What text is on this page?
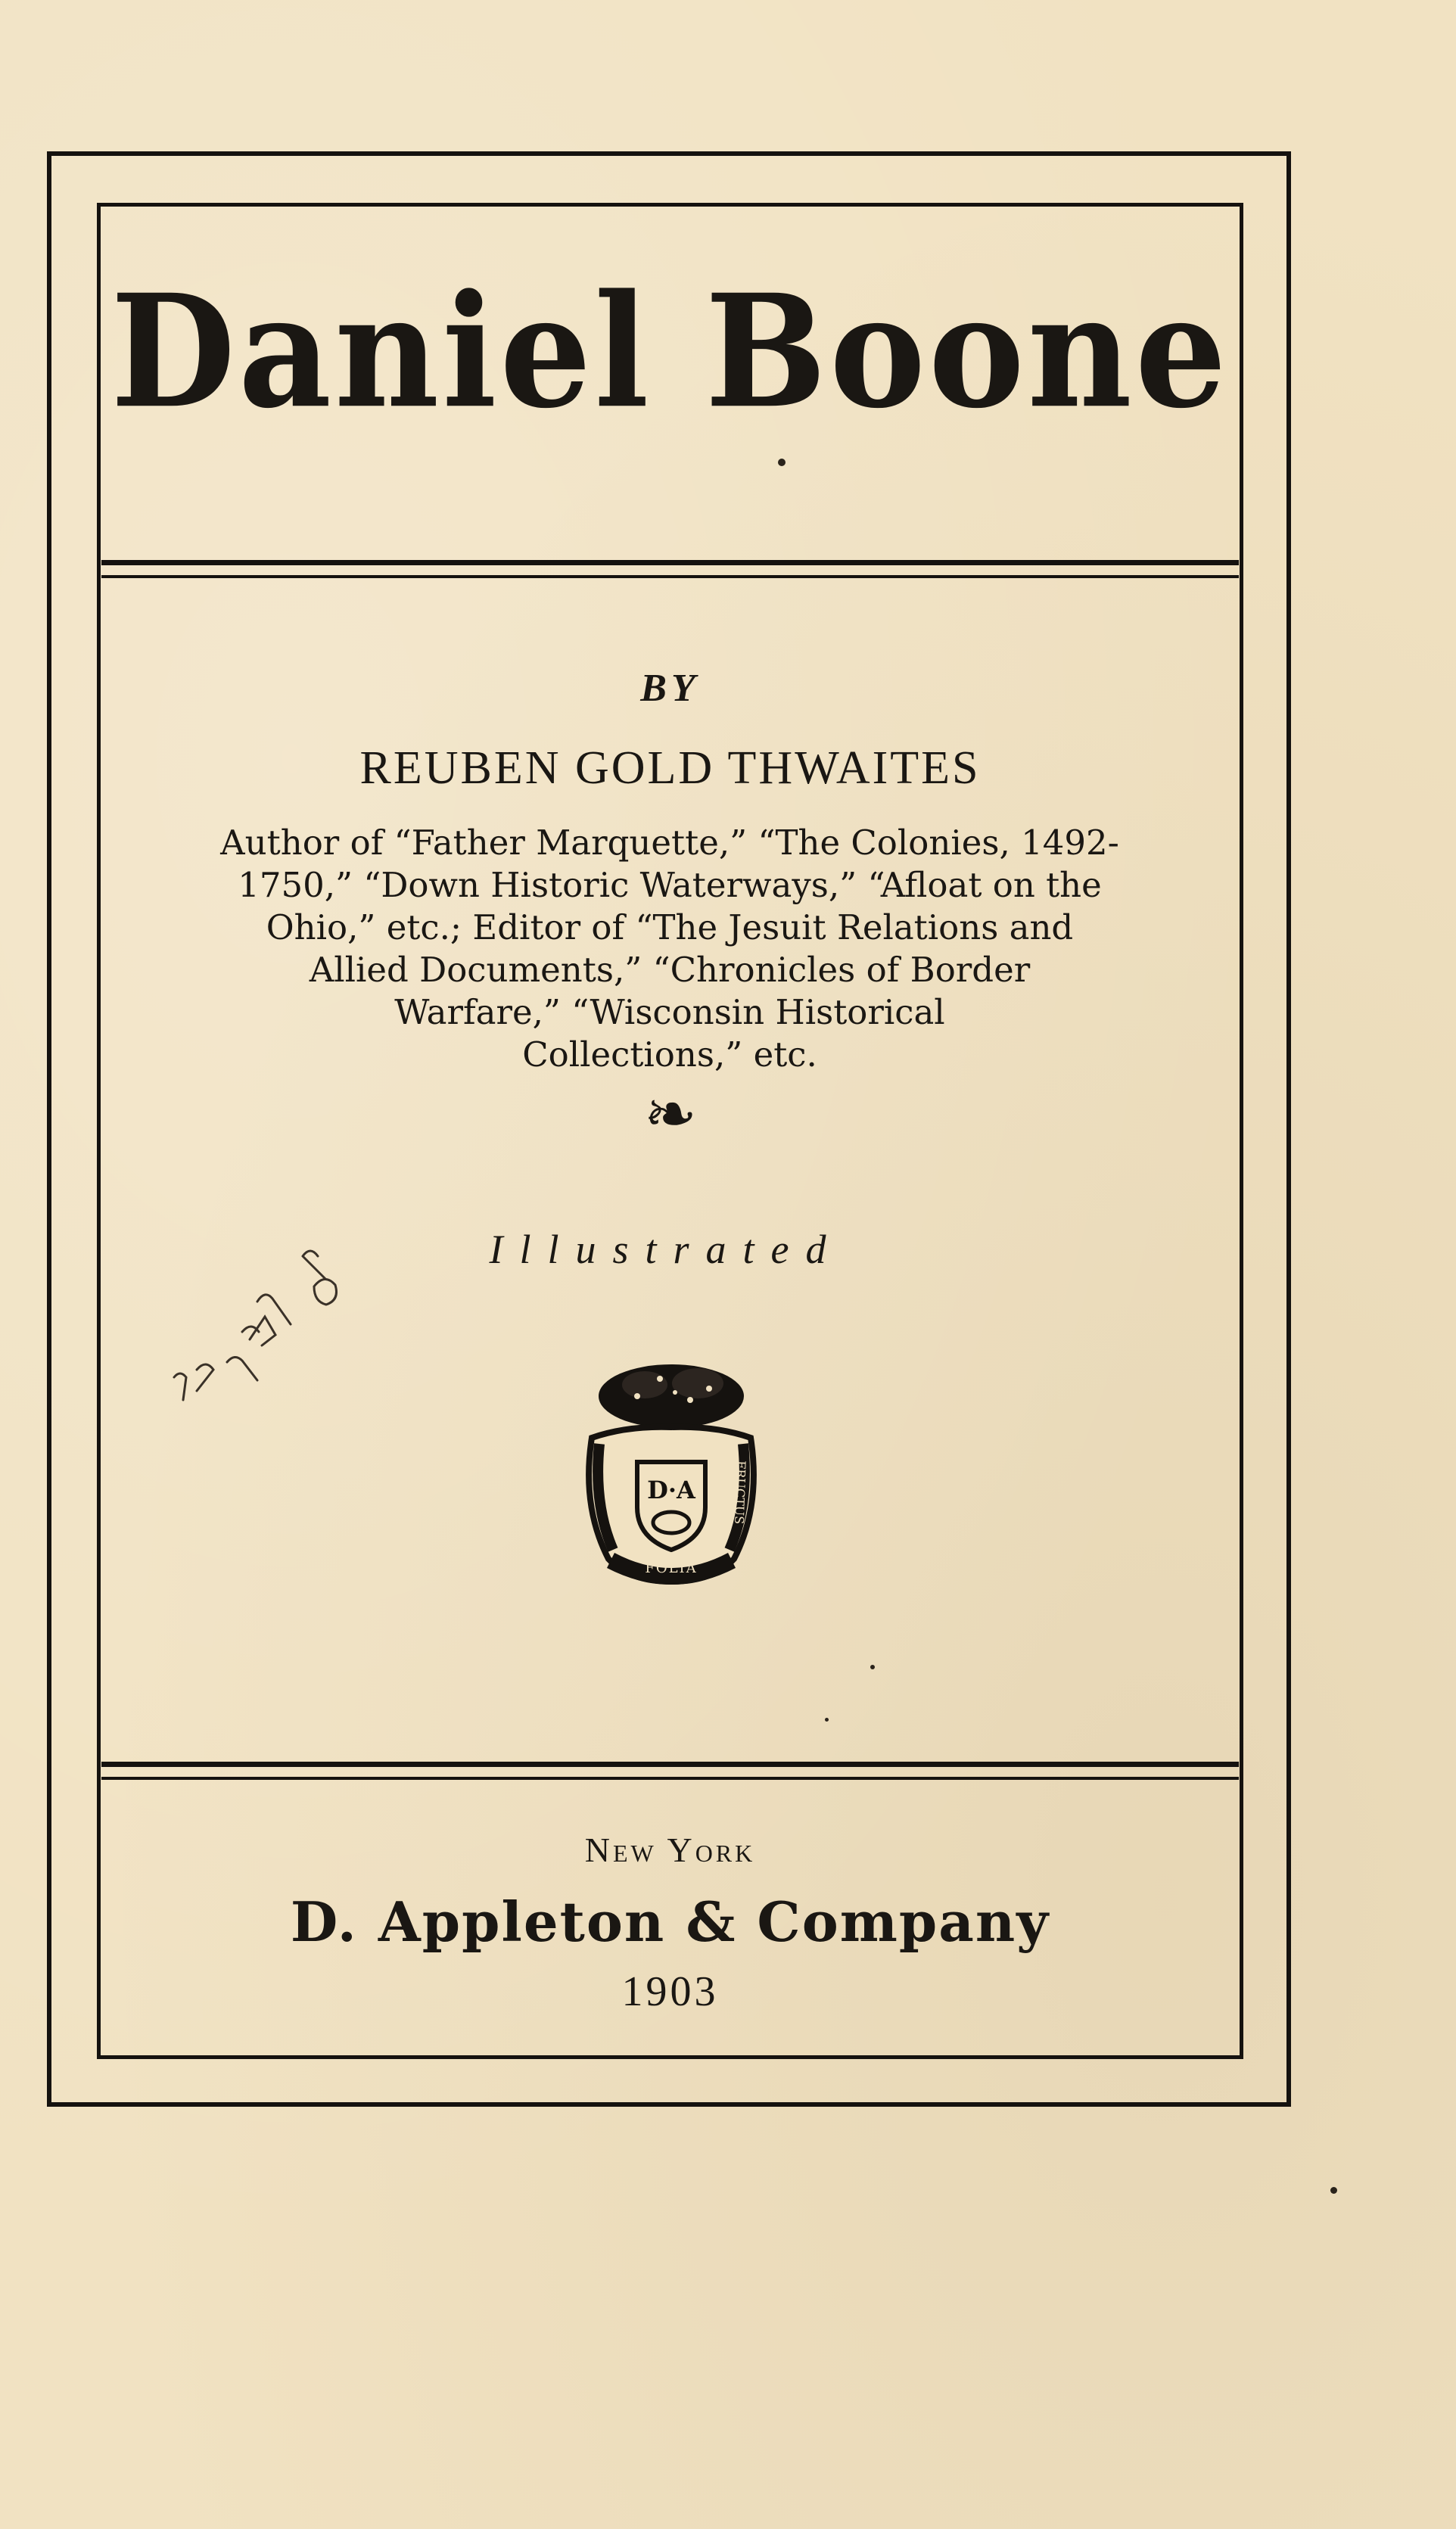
Daniel Boone
BY
REUBEN GOLD THWAITES
Author of “Father Marquette,” “The Colonies, 1492-
1750,” “Down Historic Waterways,” “Afloat on the
Ohio,” etc.; Editor of “The Jesuit Relations and
Allied Documents,” “Chronicles of Border
Warfare,” “Wisconsin Historical
Collections,” etc.
❧
Illustrated
INTER	FRUCTUS
D·A
FOLIA
New York
D. Appleton & Company
1903
